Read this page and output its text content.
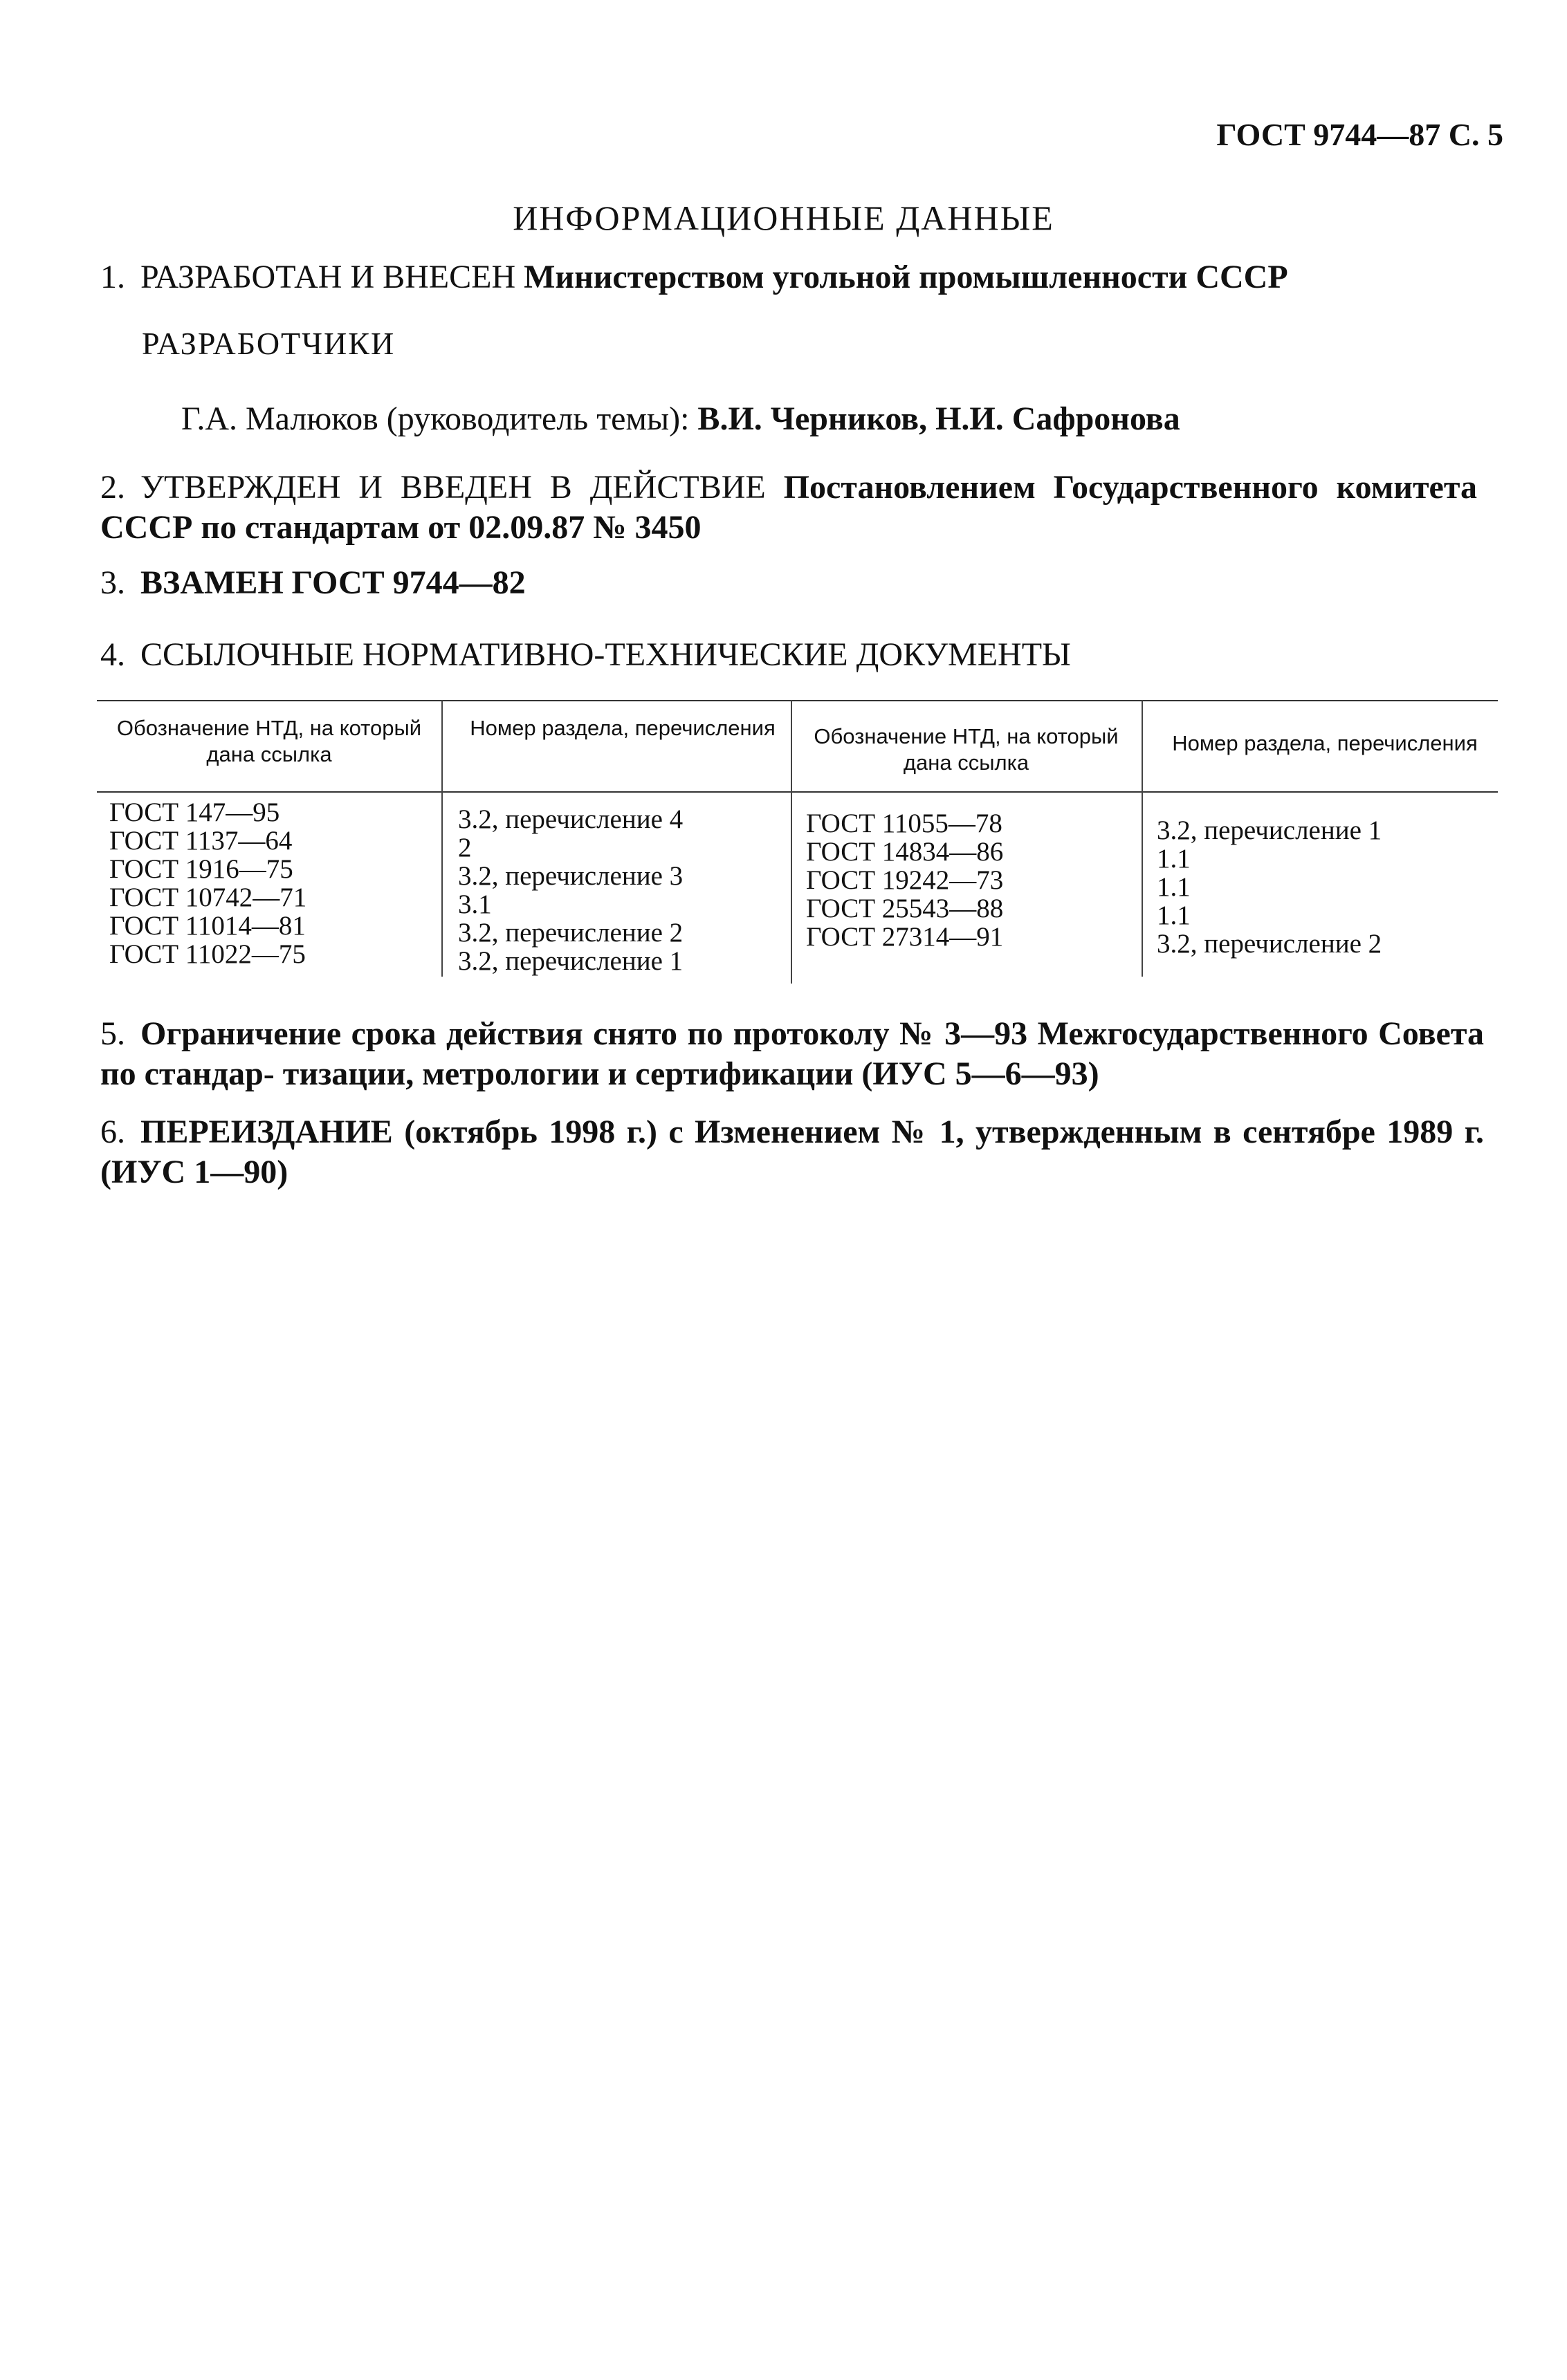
ГОСТ 9744—87 С. 5
ИНФОРМАЦИОННЫЕ ДАННЫЕ
1. РАЗРАБОТАН И ВНЕСЕН Министерством угольной промышленности СССР
РАЗРАБОТЧИКИ
Г.А. Малюков (руководитель темы): В.И. Черников, Н.И. Сафронова
2. УТВЕРЖДЕН И ВВЕДЕН В ДЕЙСТВИЕ Постановлением Государственного комитета СССР по стандартам от 02.09.87 № 3450
3. ВЗАМЕН ГОСТ 9744—82
4. ССЫЛОЧНЫЕ НОРМАТИВНО-ТЕХНИЧЕСКИЕ ДОКУМЕНТЫ
Обозначение НТД, на который дана ссылка
Номер раздела, перечисления	Обозначение НТД, на который дана ссылка
Номер раздела, перечисления
ГОСТ 147—95
ГОСТ 1137—64
ГОСТ 1916—75
ГОСТ 10742—71
ГОСТ 11014—81
ГОСТ 11022—75
3.2, перечисление 4
2
3.2, перечисление 3
3.1
3.2, перечисление 2
3.2, перечисление 1
ГОСТ 11055—78
ГОСТ 14834—86
ГОСТ 19242—73
ГОСТ 25543—88
ГОСТ 27314—91
3.2, перечисление 1
1.1
1.1
1.1
3.2, перечисление 2
5. Ограничение срока действия снято по протоколу № 3—93 Межгосударственного Совета по стандар- тизации, метрологии и сертификации (ИУС 5—6—93)
6. ПЕРЕИЗДАНИЕ (октябрь 1998 г.) с Изменением № 1, утвержденным в сентябре 1989 г. (ИУС 1—90)
